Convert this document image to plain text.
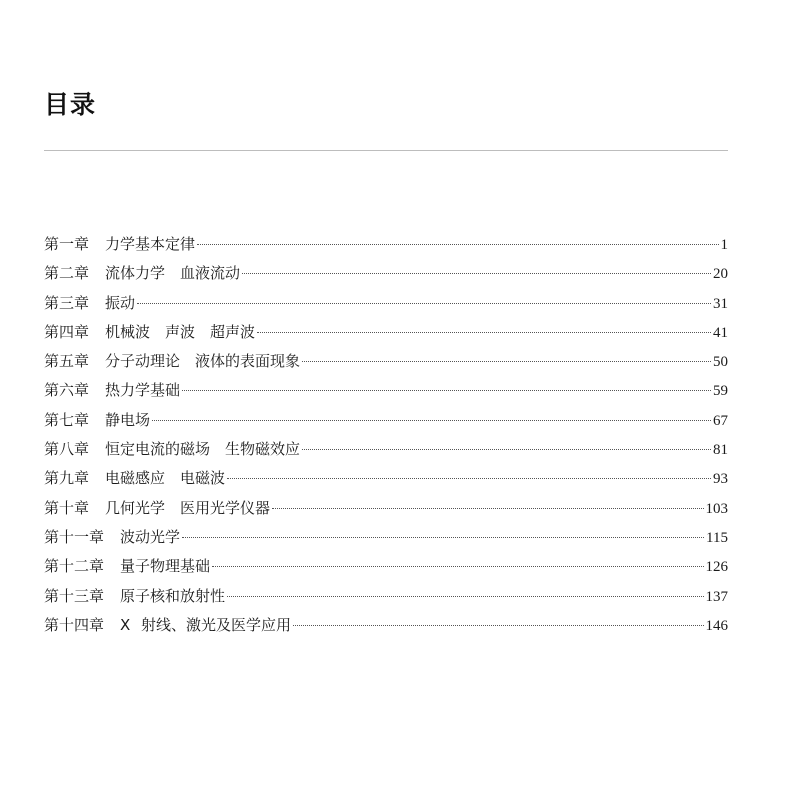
目录
第一章	力学基本定律	1
第二章	流体力学　血液流动	20
第三章	振动	31
第四章	机械波　声波　超声波	41
第五章	分子动理论　液体的表面现象	50
第六章	热力学基础	59
第七章	静电场	67
第八章	恒定电流的磁场　生物磁效应	81
第九章	电磁感应　电磁波	93
第十章	几何光学　医用光学仪器	103
第十一章	波动光学	115
第十二章	量子物理基础	126
第十三章	原子核和放射性	137
第十四章	X 射线、激光及医学应用	146
